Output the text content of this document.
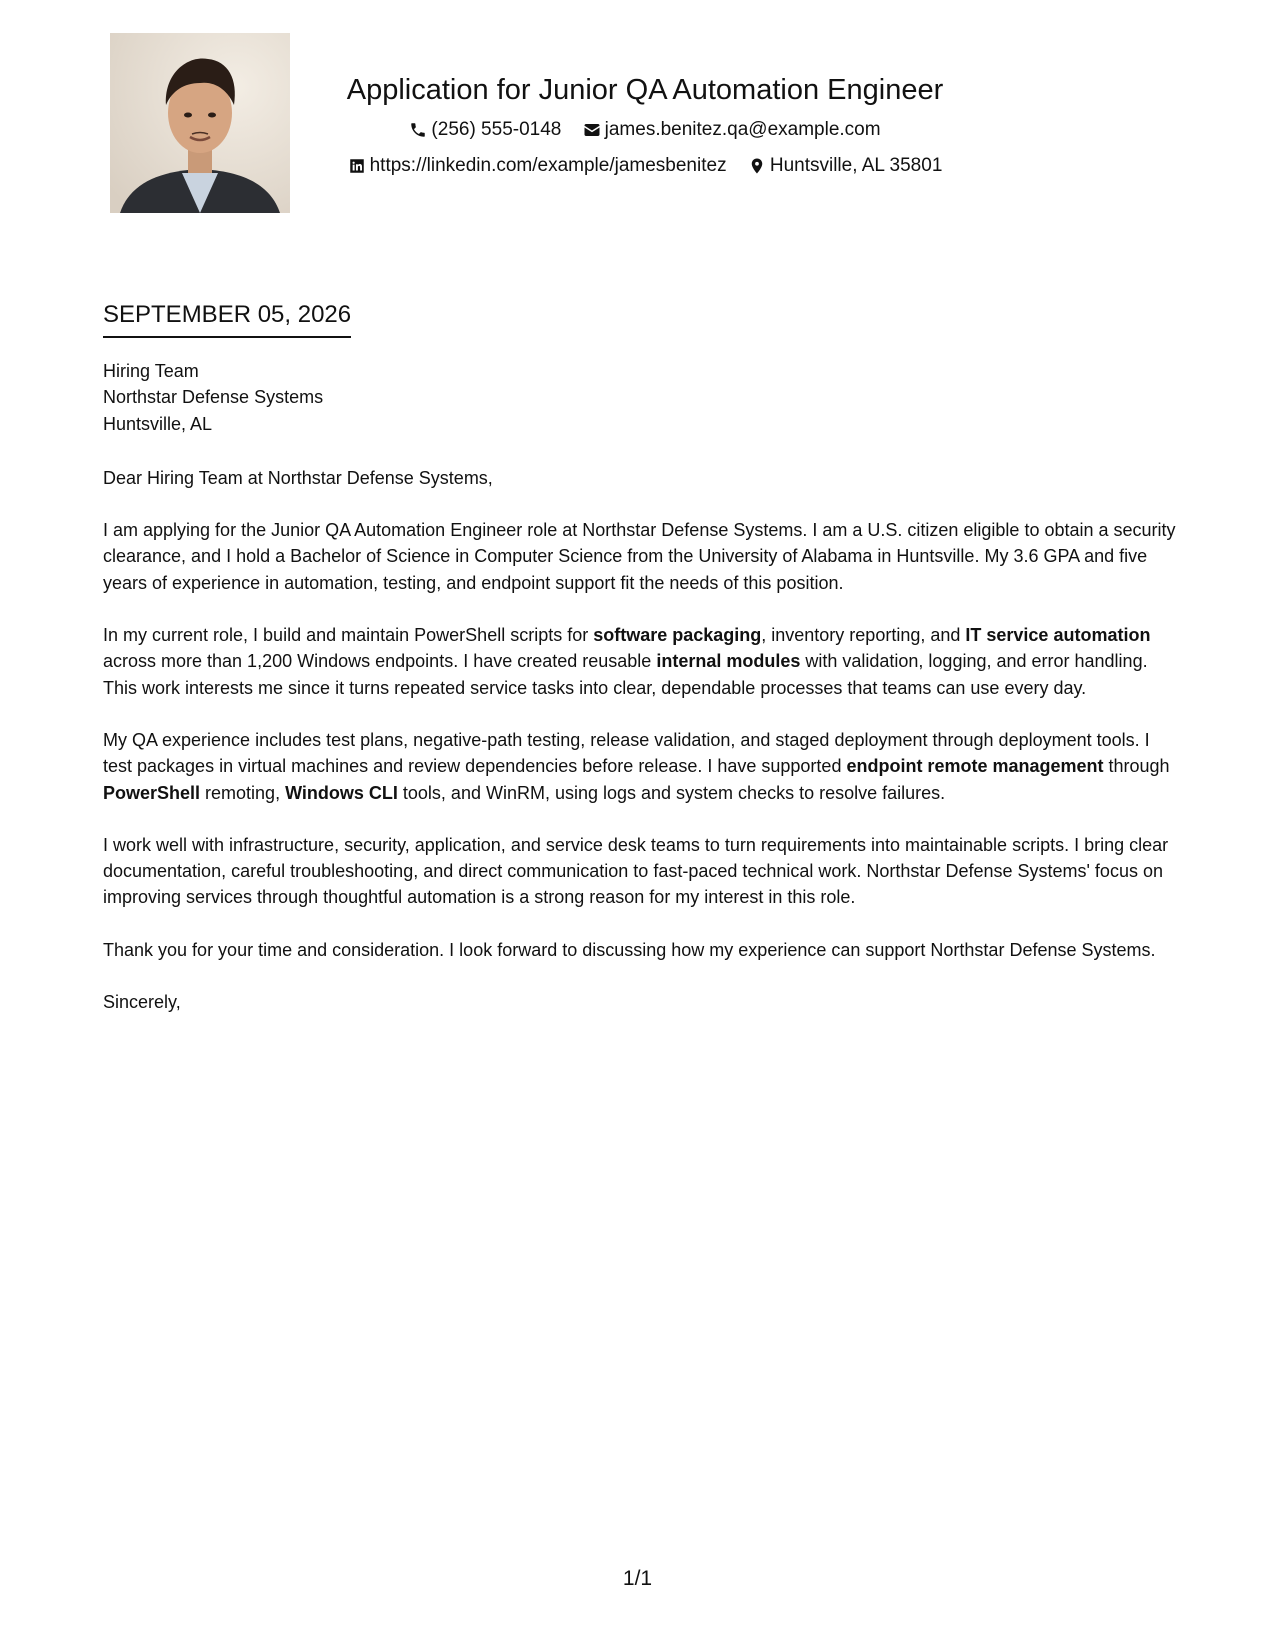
Application for Junior QA Automation Engineer
(256) 555-0148
james.benitez.qa@example.com
https://linkedin.com/example/jamesbenitez
Huntsville, AL 35801
SEPTEMBER 05, 2026
Hiring Team
Northstar Defense Systems
Huntsville, AL

Dear Hiring Team at Northstar Defense Systems,

I am applying for the Junior QA Automation Engineer role at Northstar Defense Systems. I am a U.S. citizen eligible to obtain a security clearance, and I hold a Bachelor of Science in Computer Science from the University of Alabama in Huntsville. My 3.6 GPA and five years of experience in automation, testing, and endpoint support fit the needs of this position.

In my current role, I build and maintain PowerShell scripts for software packaging, inventory reporting, and IT service automation across more than 1,200 Windows endpoints. I have created reusable internal modules with validation, logging, and error handling. This work interests me since it turns repeated service tasks into clear, dependable processes that teams can use every day.

My QA experience includes test plans, negative-path testing, release validation, and staged deployment through deployment tools. I test packages in virtual machines and review dependencies before release. I have supported endpoint remote management through PowerShell remoting, Windows CLI tools, and WinRM, using logs and system checks to resolve failures.

I work well with infrastructure, security, application, and service desk teams to turn requirements into maintainable scripts. I bring clear documentation, careful troubleshooting, and direct communication to fast-paced technical work. Northstar Defense Systems' focus on improving services through thoughtful automation is a strong reason for my interest in this role.

Thank you for your time and consideration. I look forward to discussing how my experience can support Northstar Defense Systems.

Sincerely,

1/1
